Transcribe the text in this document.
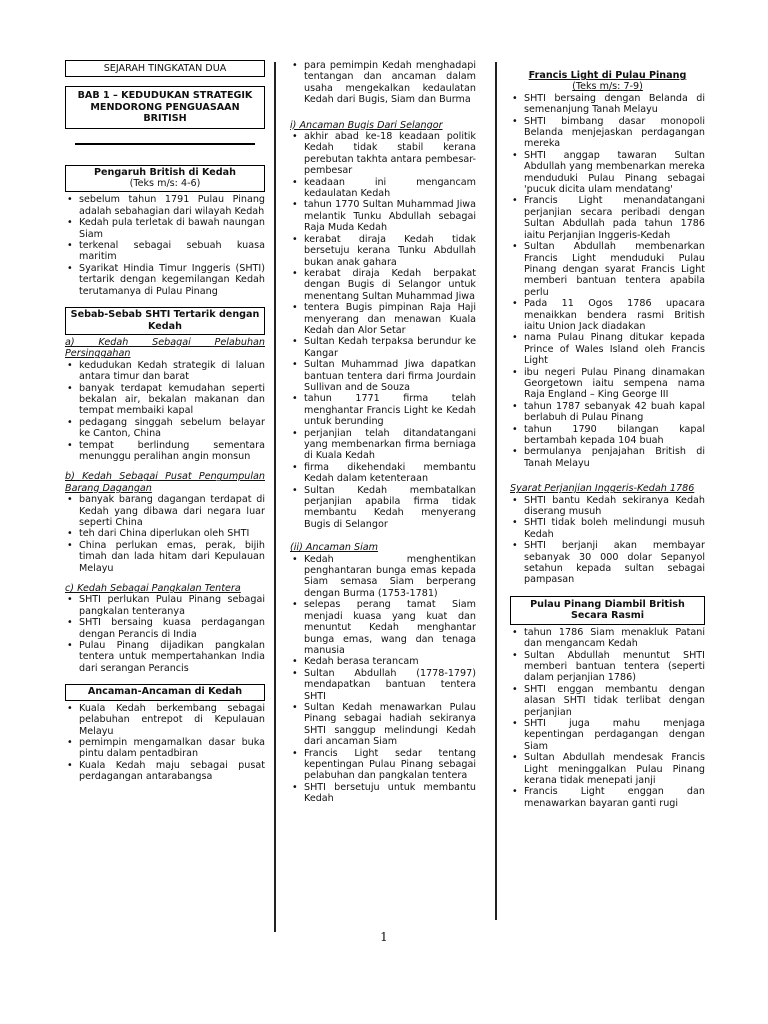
SEJARAH TINGKATAN DUA
BAB 1 – KEDUDUKAN STRATEGIK MENDORONG PENGUASAAN BRITISH
Pengaruh British di Kedah
(Teks m/s: 4-6)
• sebelum tahun 1791 Pulau Pinang adalah sebahagian dari wilayah Kedah
• Kedah pula terletak di bawah naungan Siam
• terkenal sebagai sebuah kuasa maritim
• Syarikat Hindia Timur Inggeris (SHTI) tertarik dengan kegemilangan Kedah terutamanya di Pulau Pinang
Sebab-Sebab SHTI Tertarik dengan Kedah
a) Kedah Sebagai Pelabuhan Persinggahan
• kedudukan Kedah strategik di laluan antara timur dan barat
• banyak terdapat kemudahan seperti bekalan air, bekalan makanan dan tempat membaiki kapal
• pedagang singgah sebelum belayar ke Canton, China
• tempat berlindung sementara menunggu peralihan angin monsun
b) Kedah Sebagai Pusat Pengumpulan Barang Dagangan
• banyak barang dagangan terdapat di Kedah yang dibawa dari negara luar seperti China
• teh dari China diperlukan oleh SHTI
• China perlukan emas, perak, bijih timah dan lada hitam dari Kepulauan Melayu
c) Kedah Sebagai Pangkalan Tentera
• SHTI perlukan Pulau Pinang sebagai pangkalan tenteranya
• SHTI bersaing kuasa perdagangan dengan Perancis di India
• Pulau Pinang dijadikan pangkalan tentera untuk mempertahankan India dari serangan Perancis
Ancaman-Ancaman di Kedah
• Kuala Kedah berkembang sebagai pelabuhan entrepot di Kepulauan Melayu
• pemimpin mengamalkan dasar buka pintu dalam pentadbiran
• Kuala Kedah maju sebagai pusat perdagangan antarabangsa
• para pemimpin Kedah menghadapi tentangan dan ancaman dalam usaha mengekalkan kedaulatan Kedah dari Bugis, Siam dan Burma
i) Ancaman Bugis Dari Selangor
• akhir abad ke-18 keadaan politik Kedah tidak stabil kerana perebutan takhta antara pembesar-pembesar
• keadaan ini mengancam kedaulatan Kedah
• tahun 1770 Sultan Muhammad Jiwa melantik Tunku Abdullah sebagai Raja Muda Kedah
• kerabat diraja Kedah tidak bersetuju kerana Tunku Abdullah bukan anak gahara
• kerabat diraja Kedah berpakat dengan Bugis di Selangor untuk menentang Sultan Muhammad Jiwa
• tentera Bugis pimpinan Raja Haji menyerang dan menawan Kuala Kedah dan Alor Setar
• Sultan Kedah terpaksa berundur ke Kangar
• Sultan Muhammad Jiwa dapatkan bantuan tentera dari firma Jourdain Sullivan and de Souza
• tahun 1771 firma telah menghantar Francis Light ke Kedah untuk berunding
• perjanjian telah ditandatangani yang membenarkan firma berniaga di Kuala Kedah
• firma dikehendaki membantu Kedah dalam ketenteraan
• Sultan Kedah membatalkan perjanjian apabila firma tidak membantu Kedah menyerang Bugis di Selangor
(ii) Ancaman Siam
• Kedah menghentikan penghantaran bunga emas kepada Siam semasa Siam berperang dengan Burma (1753-1781)
• selepas perang tamat Siam menjadi kuasa yang kuat dan menuntut Kedah menghantar bunga emas, wang dan tenaga manusia
• Kedah berasa terancam
• Sultan Abdullah (1778-1797) mendapatkan bantuan tentera SHTI
• Sultan Kedah menawarkan Pulau Pinang sebagai hadiah sekiranya SHTI sanggup melindungi Kedah dari ancaman Siam
• Francis Light sedar tentang kepentingan Pulau Pinang sebagai pelabuhan dan pangkalan tentera
• SHTI bersetuju untuk membantu Kedah
Francis Light di Pulau Pinang
(Teks m/s: 7-9)
• SHTI bersaing dengan Belanda di semenanjung Tanah Melayu
• SHTI bimbang dasar monopoli Belanda menjejaskan perdagangan mereka
• SHTI anggap tawaran Sultan Abdullah yang membenarkan mereka menduduki Pulau Pinang sebagai 'pucuk dicita ulam mendatang'
• Francis Light menandatangani perjanjian secara peribadi dengan Sultan Abdullah pada tahun 1786 iaitu Perjanjian Inggeris-Kedah
• Sultan Abdullah membenarkan Francis Light menduduki Pulau Pinang dengan syarat Francis Light memberi bantuan tentera apabila perlu
• Pada 11 Ogos 1786 upacara menaikkan bendera rasmi British iaitu Union Jack diadakan
• nama Pulau Pinang ditukar kepada Prince of Wales Island oleh Francis Light
• ibu negeri Pulau Pinang dinamakan Georgetown iaitu sempena nama Raja England – King George III
• tahun 1787 sebanyak 42 buah kapal berlabuh di Pulau Pinang
• tahun 1790 bilangan kapal bertambah kepada 104 buah
• bermulanya penjajahan British di Tanah Melayu
Syarat Perjanjian Inggeris-Kedah 1786
• SHTI bantu Kedah sekiranya Kedah diserang musuh
• SHTI tidak boleh melindungi musuh Kedah
• SHTI berjanji akan membayar sebanyak 30 000 dolar Sepanyol setahun kepada sultan sebagai pampasan
Pulau Pinang Diambil British Secara Rasmi
• tahun 1786 Siam menakluk Patani dan mengancam Kedah
• Sultan Abdullah menuntut SHTI memberi bantuan tentera (seperti dalam perjanjian 1786)
• SHTI enggan membantu dengan alasan SHTI tidak terlibat dengan perjanjian
• SHTI juga mahu menjaga kepentingan perdagangan dengan Siam
• Sultan Abdullah mendesak Francis Light meninggalkan Pulau Pinang kerana tidak menepati janji
• Francis Light enggan dan menawarkan bayaran ganti rugi
1
